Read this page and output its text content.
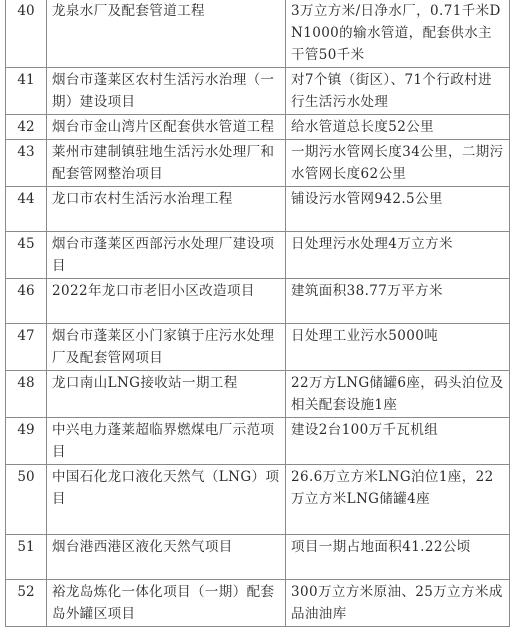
40	龙泉水厂及配套管道工程	3万立方米/日净水厂，0.71千米DN1000的输水管道，配套供水主干管50千米
41	烟台市蓬莱区农村生活污水治理（一期）建设项目	对7个镇（街区）、71个行政村进行生活污水处理
42	烟台市金山湾片区配套供水管道工程	给水管道总长度52公里
43	莱州市建制镇驻地生活污水处理厂和配套管网整治项目	一期污水管网长度34公里，二期污水管网长度62公里
44	龙口市农村生活污水治理工程	铺设污水管网942.5公里
45	烟台市蓬莱区西部污水处理厂建设项目	日处理污水处理4万立方米
46	2022年龙口市老旧小区改造项目	建筑面积38.77万平方米
47	烟台市蓬莱区小门家镇于庄污水处理厂及配套管网项目	日处理工业污水5000吨
48	龙口南山LNG接收站一期工程	22万方LNG储罐6座，码头泊位及相关配套设施1座
49	中兴电力蓬莱超临界燃煤电厂示范项目	建设2台100万千瓦机组
50	中国石化龙口液化天然气（LNG）项目	26.6万立方米LNG泊位1座，22万立方米LNG储罐4座
51	烟台港西港区液化天然气项目	项目一期占地面积41.22公顷
52	裕龙岛炼化一体化项目（一期）配套岛外罐区项目	300万立方米原油、25万立方米成品油油库
